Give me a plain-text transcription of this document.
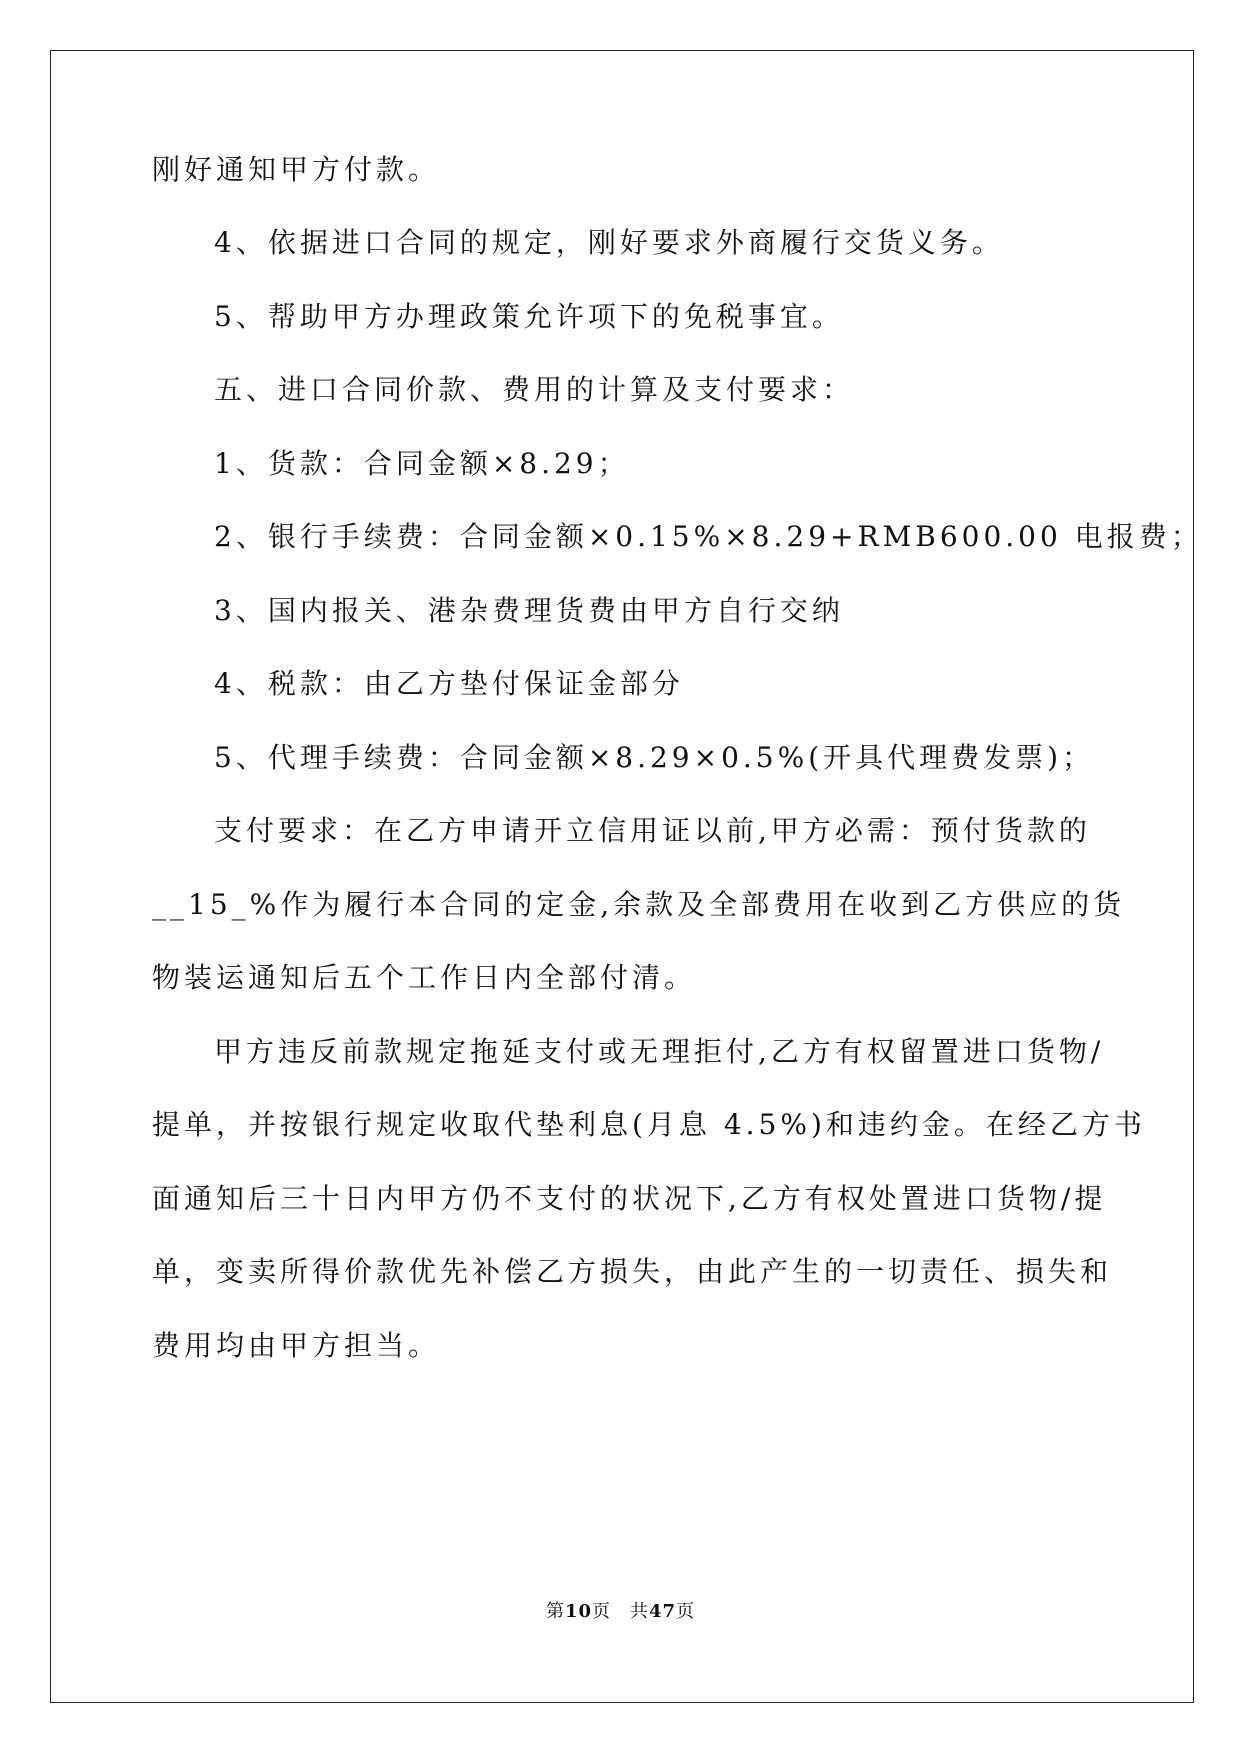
刚好通知甲方付款。
4、依据进口合同的规定，刚好要求外商履行交货义务。
5、帮助甲方办理政策允许项下的免税事宜。
五、进口合同价款、费用的计算及支付要求：
1、货款：合同金额×8.29；
2、银行手续费：合同金额×0.15%×8.29+RMB600.00 电报费；
3、国内报关、港杂费理货费由甲方自行交纳
4、税款：由乙方垫付保证金部分
5、代理手续费：合同金额×8.29×0.5%(开具代理费发票)；
支付要求：在乙方申请开立信用证以前,甲方必需：预付货款的
__15_%作为履行本合同的定金,余款及全部费用在收到乙方供应的货
物装运通知后五个工作日内全部付清。
甲方违反前款规定拖延支付或无理拒付,乙方有权留置进口货物/
提单，并按银行规定收取代垫利息(月息 4.5%)和违约金。在经乙方书
面通知后三十日内甲方仍不支付的状况下,乙方有权处置进口货物/提
单，变卖所得价款优先补偿乙方损失，由此产生的一切责任、损失和
费用均由甲方担当。
第10页　共47页
